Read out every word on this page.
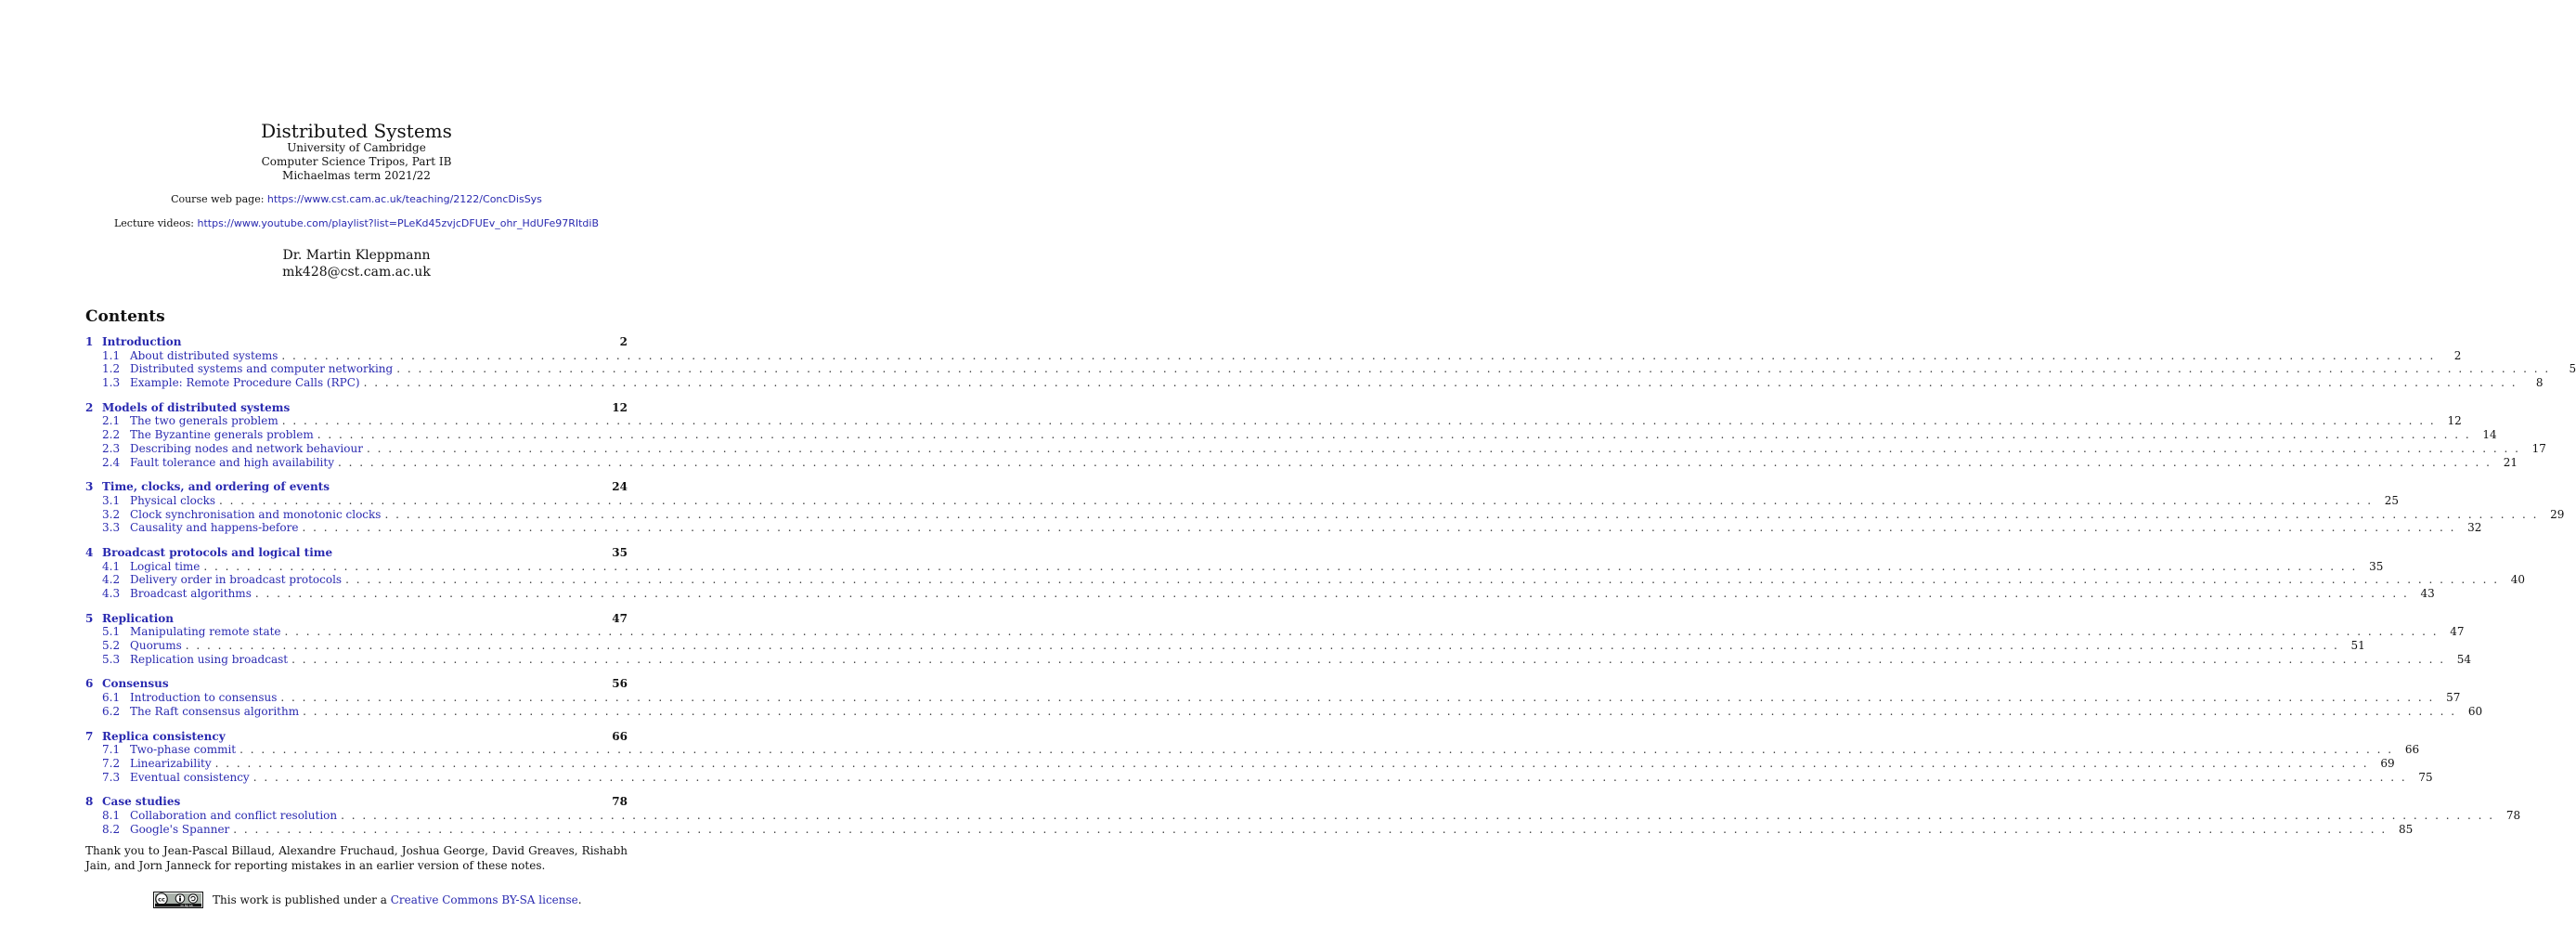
Distributed Systems
University of Cambridge
Computer Science Tripos, Part IB
Michaelmas term 2021/22
Course web page: https://www.cst.cam.ac.uk/teaching/2122/ConcDisSys
Lecture videos: https://www.youtube.com/playlist?list=PLeKd45zvjcDFUEv_ohr_HdUFe97RItdiB
Dr. Martin Kleppmann
mk428@cst.cam.ac.uk
Contents
1 Introduction	2
1.1 About distributed systems . . . . . . . . . . . . . . . . . . . . . . . . . . . . . . . . . . . . . . . . . . . . . . . . . . . . . . . . . . . . . . . . . . . . . . . . . . . . . . . . . . . . . . . . . . . . . . . . . . . . . . . . . . . . . . . . . . . . . . . . . . . . . . . . . . . . . . . . . . . . . . . . . . . . . . . . . . . . . . . . . . . . . . . . . . . . . . . . . . . . . . . . . . . . . . . . . . . . . . . .	2
1.2 Distributed systems and computer networking . . . . . . . . . . . . . . . . . . . . . . . . . . . . . . . . . . . . . . . . . . . . . . . . . . . . . . . . . . . . . . . . . . . . . . . . . . . . . . . . . . . . . . . . . . . . . . . . . . . . . . . . . . . . . . . . . . . . . . . . . . . . . . . . . . . . . . . . . . . . . . . . . . . . . . . . . . . . . . . . . . . . . . . . . . . . . . . . . . . . . . . . . . . . . . . . . . . . . . . .	5
1.3 Example: Remote Procedure Calls (RPC) . . . . . . . . . . . . . . . . . . . . . . . . . . . . . . . . . . . . . . . . . . . . . . . . . . . . . . . . . . . . . . . . . . . . . . . . . . . . . . . . . . . . . . . . . . . . . . . . . . . . . . . . . . . . . . . . . . . . . . . . . . . . . . . . . . . . . . . . . . . . . . . . . . . . . . . . . . . . . . . . . . . . . . . . . . . . . . . . . . . . . . . . . . . . . . . . . . . . . . . .	8
2 Models of distributed systems	12
2.1 The two generals problem . . . . . . . . . . . . . . . . . . . . . . . . . . . . . . . . . . . . . . . . . . . . . . . . . . . . . . . . . . . . . . . . . . . . . . . . . . . . . . . . . . . . . . . . . . . . . . . . . . . . . . . . . . . . . . . . . . . . . . . . . . . . . . . . . . . . . . . . . . . . . . . . . . . . . . . . . . . . . . . . . . . . . . . . . . . . . . . . . . . . . . . . . . . . . . . . . . . . . . . .	12
2.2 The Byzantine generals problem . . . . . . . . . . . . . . . . . . . . . . . . . . . . . . . . . . . . . . . . . . . . . . . . . . . . . . . . . . . . . . . . . . . . . . . . . . . . . . . . . . . . . . . . . . . . . . . . . . . . . . . . . . . . . . . . . . . . . . . . . . . . . . . . . . . . . . . . . . . . . . . . . . . . . . . . . . . . . . . . . . . . . . . . . . . . . . . . . . . . . . . . . . . . . . . . . . . . . . . .	14
2.3 Describing nodes and network behaviour . . . . . . . . . . . . . . . . . . . . . . . . . . . . . . . . . . . . . . . . . . . . . . . . . . . . . . . . . . . . . . . . . . . . . . . . . . . . . . . . . . . . . . . . . . . . . . . . . . . . . . . . . . . . . . . . . . . . . . . . . . . . . . . . . . . . . . . . . . . . . . . . . . . . . . . . . . . . . . . . . . . . . . . . . . . . . . . . . . . . . . . . . . . . . . . . . . . . . . . .	17
2.4 Fault tolerance and high availability . . . . . . . . . . . . . . . . . . . . . . . . . . . . . . . . . . . . . . . . . . . . . . . . . . . . . . . . . . . . . . . . . . . . . . . . . . . . . . . . . . . . . . . . . . . . . . . . . . . . . . . . . . . . . . . . . . . . . . . . . . . . . . . . . . . . . . . . . . . . . . . . . . . . . . . . . . . . . . . . . . . . . . . . . . . . . . . . . . . . . . . . . . . . . . . . . . . . . . . .	21
3 Time, clocks, and ordering of events	24
3.1 Physical clocks . . . . . . . . . . . . . . . . . . . . . . . . . . . . . . . . . . . . . . . . . . . . . . . . . . . . . . . . . . . . . . . . . . . . . . . . . . . . . . . . . . . . . . . . . . . . . . . . . . . . . . . . . . . . . . . . . . . . . . . . . . . . . . . . . . . . . . . . . . . . . . . . . . . . . . . . . . . . . . . . . . . . . . . . . . . . . . . . . . . . . . . . . . . . . . . . . . . . . . . .	25
3.2 Clock synchronisation and monotonic clocks . . . . . . . . . . . . . . . . . . . . . . . . . . . . . . . . . . . . . . . . . . . . . . . . . . . . . . . . . . . . . . . . . . . . . . . . . . . . . . . . . . . . . . . . . . . . . . . . . . . . . . . . . . . . . . . . . . . . . . . . . . . . . . . . . . . . . . . . . . . . . . . . . . . . . . . . . . . . . . . . . . . . . . . . . . . . . . . . . . . . . . . . . . . . . . . . . . . . . . . .	29
3.3 Causality and happens-before . . . . . . . . . . . . . . . . . . . . . . . . . . . . . . . . . . . . . . . . . . . . . . . . . . . . . . . . . . . . . . . . . . . . . . . . . . . . . . . . . . . . . . . . . . . . . . . . . . . . . . . . . . . . . . . . . . . . . . . . . . . . . . . . . . . . . . . . . . . . . . . . . . . . . . . . . . . . . . . . . . . . . . . . . . . . . . . . . . . . . . . . . . . . . . . . . . . . . . . .	32
4 Broadcast protocols and logical time	35
4.1 Logical time . . . . . . . . . . . . . . . . . . . . . . . . . . . . . . . . . . . . . . . . . . . . . . . . . . . . . . . . . . . . . . . . . . . . . . . . . . . . . . . . . . . . . . . . . . . . . . . . . . . . . . . . . . . . . . . . . . . . . . . . . . . . . . . . . . . . . . . . . . . . . . . . . . . . . . . . . . . . . . . . . . . . . . . . . . . . . . . . . . . . . . . . . . . . . . . . . . . . . . . .	35
4.2 Delivery order in broadcast protocols . . . . . . . . . . . . . . . . . . . . . . . . . . . . . . . . . . . . . . . . . . . . . . . . . . . . . . . . . . . . . . . . . . . . . . . . . . . . . . . . . . . . . . . . . . . . . . . . . . . . . . . . . . . . . . . . . . . . . . . . . . . . . . . . . . . . . . . . . . . . . . . . . . . . . . . . . . . . . . . . . . . . . . . . . . . . . . . . . . . . . . . . . . . . . . . . . . . . . . . .	40
4.3 Broadcast algorithms . . . . . . . . . . . . . . . . . . . . . . . . . . . . . . . . . . . . . . . . . . . . . . . . . . . . . . . . . . . . . . . . . . . . . . . . . . . . . . . . . . . . . . . . . . . . . . . . . . . . . . . . . . . . . . . . . . . . . . . . . . . . . . . . . . . . . . . . . . . . . . . . . . . . . . . . . . . . . . . . . . . . . . . . . . . . . . . . . . . . . . . . . . . . . . . . . . . . . . . .	43
5 Replication	47
5.1 Manipulating remote state . . . . . . . . . . . . . . . . . . . . . . . . . . . . . . . . . . . . . . . . . . . . . . . . . . . . . . . . . . . . . . . . . . . . . . . . . . . . . . . . . . . . . . . . . . . . . . . . . . . . . . . . . . . . . . . . . . . . . . . . . . . . . . . . . . . . . . . . . . . . . . . . . . . . . . . . . . . . . . . . . . . . . . . . . . . . . . . . . . . . . . . . . . . . . . . . . . . . . . . .	47
5.2 Quorums . . . . . . . . . . . . . . . . . . . . . . . . . . . . . . . . . . . . . . . . . . . . . . . . . . . . . . . . . . . . . . . . . . . . . . . . . . . . . . . . . . . . . . . . . . . . . . . . . . . . . . . . . . . . . . . . . . . . . . . . . . . . . . . . . . . . . . . . . . . . . . . . . . . . . . . . . . . . . . . . . . . . . . . . . . . . . . . . . . . . . . . . . . . . . . . . . . . . . . . .	51
5.3 Replication using broadcast . . . . . . . . . . . . . . . . . . . . . . . . . . . . . . . . . . . . . . . . . . . . . . . . . . . . . . . . . . . . . . . . . . . . . . . . . . . . . . . . . . . . . . . . . . . . . . . . . . . . . . . . . . . . . . . . . . . . . . . . . . . . . . . . . . . . . . . . . . . . . . . . . . . . . . . . . . . . . . . . . . . . . . . . . . . . . . . . . . . . . . . . . . . . . . . . . . . . . . . .	54
6 Consensus	56
6.1 Introduction to consensus . . . . . . . . . . . . . . . . . . . . . . . . . . . . . . . . . . . . . . . . . . . . . . . . . . . . . . . . . . . . . . . . . . . . . . . . . . . . . . . . . . . . . . . . . . . . . . . . . . . . . . . . . . . . . . . . . . . . . . . . . . . . . . . . . . . . . . . . . . . . . . . . . . . . . . . . . . . . . . . . . . . . . . . . . . . . . . . . . . . . . . . . . . . . . . . . . . . . . . . .	57
6.2 The Raft consensus algorithm . . . . . . . . . . . . . . . . . . . . . . . . . . . . . . . . . . . . . . . . . . . . . . . . . . . . . . . . . . . . . . . . . . . . . . . . . . . . . . . . . . . . . . . . . . . . . . . . . . . . . . . . . . . . . . . . . . . . . . . . . . . . . . . . . . . . . . . . . . . . . . . . . . . . . . . . . . . . . . . . . . . . . . . . . . . . . . . . . . . . . . . . . . . . . . . . . . . . . . . .	60
7 Replica consistency	66
7.1 Two-phase commit . . . . . . . . . . . . . . . . . . . . . . . . . . . . . . . . . . . . . . . . . . . . . . . . . . . . . . . . . . . . . . . . . . . . . . . . . . . . . . . . . . . . . . . . . . . . . . . . . . . . . . . . . . . . . . . . . . . . . . . . . . . . . . . . . . . . . . . . . . . . . . . . . . . . . . . . . . . . . . . . . . . . . . . . . . . . . . . . . . . . . . . . . . . . . . . . . . . . . . . .	66
7.2 Linearizability . . . . . . . . . . . . . . . . . . . . . . . . . . . . . . . . . . . . . . . . . . . . . . . . . . . . . . . . . . . . . . . . . . . . . . . . . . . . . . . . . . . . . . . . . . . . . . . . . . . . . . . . . . . . . . . . . . . . . . . . . . . . . . . . . . . . . . . . . . . . . . . . . . . . . . . . . . . . . . . . . . . . . . . . . . . . . . . . . . . . . . . . . . . . . . . . . . . . . . . .	69
7.3 Eventual consistency . . . . . . . . . . . . . . . . . . . . . . . . . . . . . . . . . . . . . . . . . . . . . . . . . . . . . . . . . . . . . . . . . . . . . . . . . . . . . . . . . . . . . . . . . . . . . . . . . . . . . . . . . . . . . . . . . . . . . . . . . . . . . . . . . . . . . . . . . . . . . . . . . . . . . . . . . . . . . . . . . . . . . . . . . . . . . . . . . . . . . . . . . . . . . . . . . . . . . . . .	75
8 Case studies	78
8.1 Collaboration and conflict resolution . . . . . . . . . . . . . . . . . . . . . . . . . . . . . . . . . . . . . . . . . . . . . . . . . . . . . . . . . . . . . . . . . . . . . . . . . . . . . . . . . . . . . . . . . . . . . . . . . . . . . . . . . . . . . . . . . . . . . . . . . . . . . . . . . . . . . . . . . . . . . . . . . . . . . . . . . . . . . . . . . . . . . . . . . . . . . . . . . . . . . . . . . . . . . . . . . . . . . . . .	78
8.2 Google's Spanner . . . . . . . . . . . . . . . . . . . . . . . . . . . . . . . . . . . . . . . . . . . . . . . . . . . . . . . . . . . . . . . . . . . . . . . . . . . . . . . . . . . . . . . . . . . . . . . . . . . . . . . . . . . . . . . . . . . . . . . . . . . . . . . . . . . . . . . . . . . . . . . . . . . . . . . . . . . . . . . . . . . . . . . . . . . . . . . . . . . . . . . . . . . . . . . . . . . . . . . .	85
Thank you to Jean-Pascal Billaud, Alexandre Fruchaud, Joshua George, David Greaves, Rishabh Jain, and Jorn Janneck for reporting mistakes in an earlier version of these notes.
cc
cc by sa This work is published under a Creative Commons BY-SA license.
